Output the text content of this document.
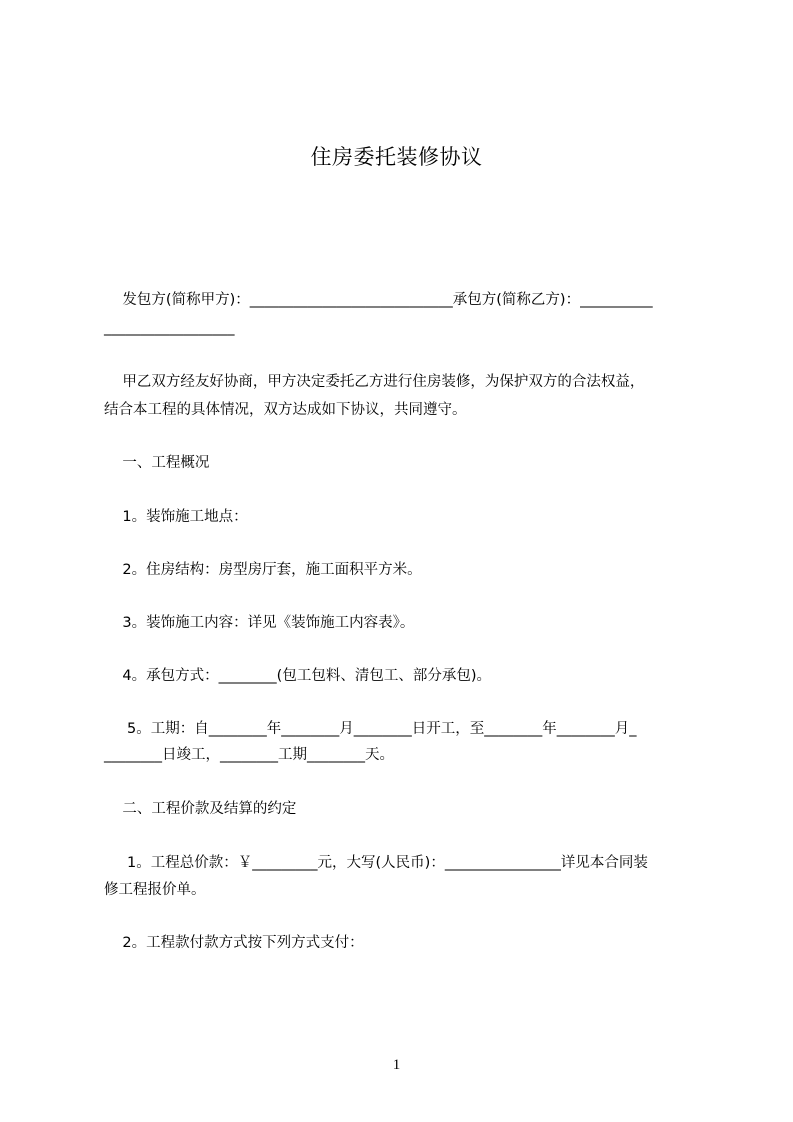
住房委托装修协议
发包方(简称甲方)：____________________________承包方(简称乙方)：__________
__________________
甲乙双方经友好协商，甲方决定委托乙方进行住房装修，为保护双方的合法权益，
结合本工程的具体情况，双方达成如下协议，共同遵守。
一、工程概况
1。装饰施工地点：
2。住房结构：房型房厅套，施工面积平方米。
3。装饰施工内容：详见《装饰施工内容表》。
4。承包方式：________(包工包料、清包工、部分承包)。
5。工期：自________年________月________日开工，至________年________月_
________日竣工，________工期________天。
二、工程价款及结算的约定
1。工程总价款：￥_________元，大写(人民币)：________________详见本合同装
修工程报价单。
2。工程款付款方式按下列方式支付：
1
